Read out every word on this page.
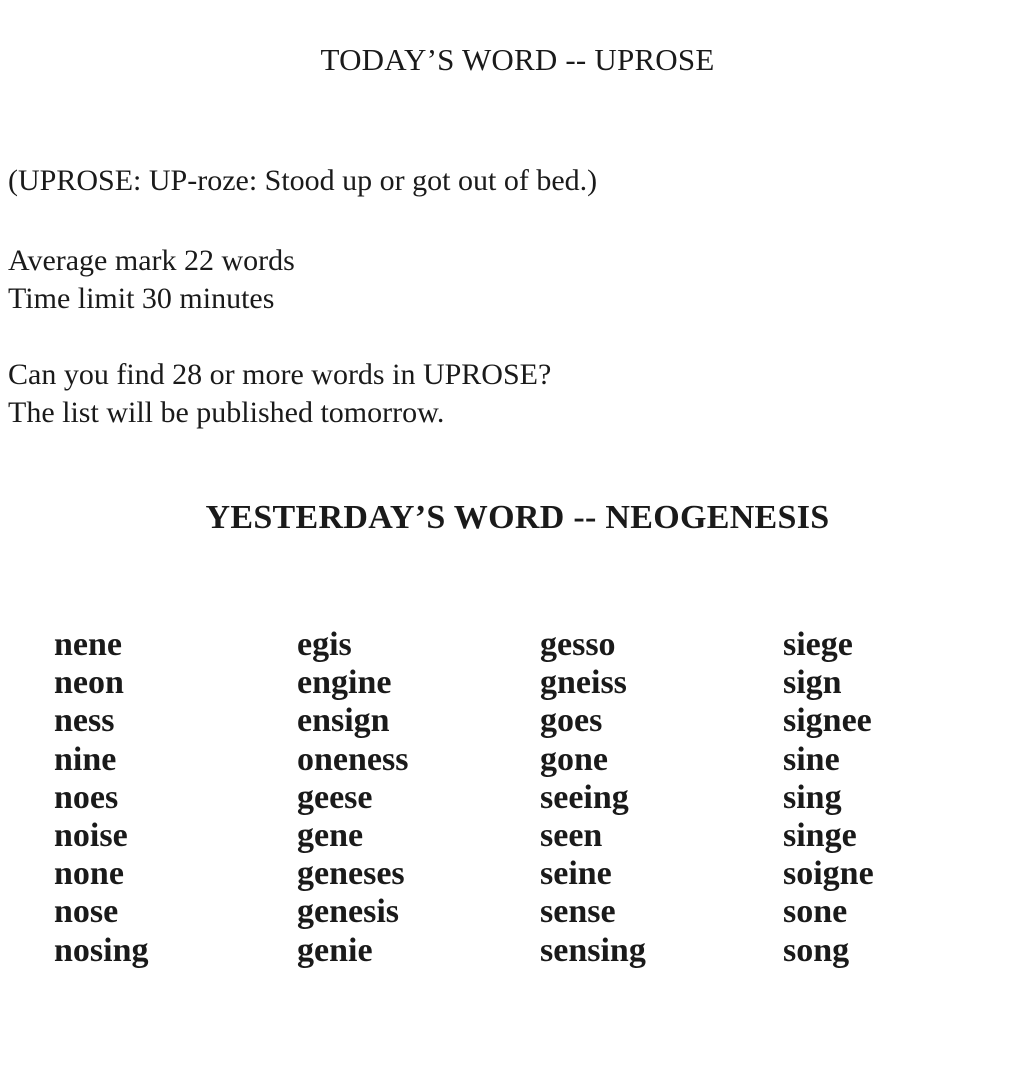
TODAY’S WORD -- UPROSE

(UPROSE: UP-roze: Stood up or got out of bed.)

Average mark 22 words
Time limit 30 minutes

Can you find 28 or more words in UPROSE?
The list will be published tomorrow.

YESTERDAY’S WORD -- NEOGENESIS
nene
neon
ness
nine
noes
noise
none
nose
nosing
egis
engine
ensign
oneness
geese
gene
geneses
genesis
genie
gesso
gneiss
goes
gone
seeing
seen
seine
sense
sensing
siege
sign
signee
sine
sing
singe
soigne
sone
song
